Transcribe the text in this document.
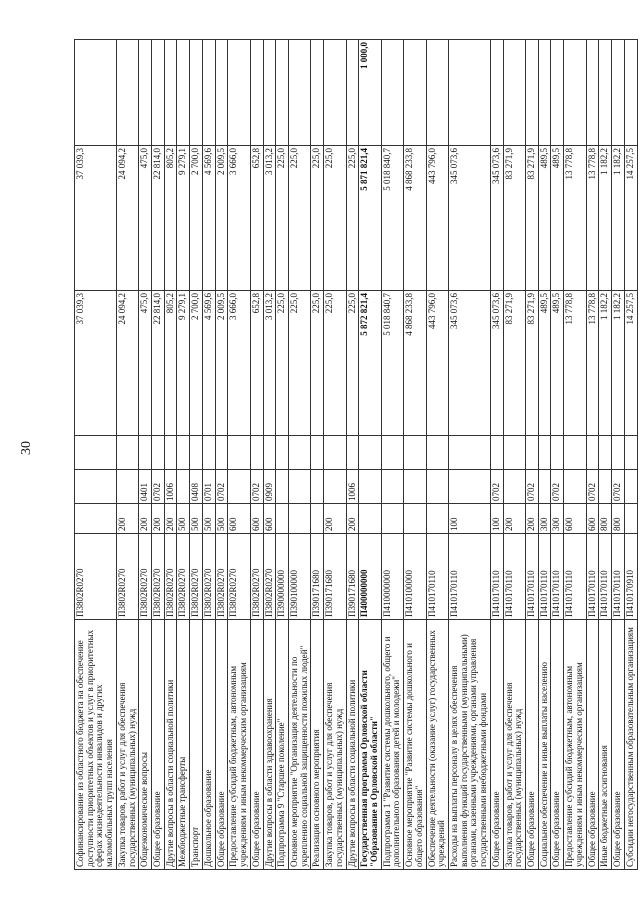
30
Софинансирование из областного бюджета на обеспечение доступности приоритетных объектов и услуг в приоритетных сферах жизнедеятельности инвалидов и других маломобильных групп населения	П3802R0270				37 039,3	37 039,3	
Закупка товаров, работ и услуг для обеспечения государственных (муниципальных) нужд	П3802R0270	200			24 094,2	24 094,2	
Общеэкономические вопросы	П3802R0270	200	0401		475,0	475,0	
Общее образование	П3802R0270	200	0702		22 814,0	22 814,0	
Другие вопросы в области социальной политики	П3802R0270	200	1006		805,2	805,2	
Межбюджетные трансферты	П3802R0270	500			9 279,1	9 279,1	
Транспорт	П3802R0270	500	0408		2 700,0	2 700,0	
Дошкольное образование	П3802R0270	500	0701		4 569,6	4 569,6	
Общее образование	П3802R0270	500	0702		2 009,5	2 009,5	
Предоставление субсидий бюджетным, автономным учреждениям и иным некоммерческим организациям	П3802R0270	600			3 666,0	3 666,0	
Общее образование	П3802R0270	600	0702		652,8	652,8	
Другие вопросы в области здравоохранения	П3802R0270	600	0909		3 013,2	3 013,2	
Подпрограмма 9 "Старшее поколение"	П390000000				225,0	225,0	
Основное мероприятие "Организация деятельности по укреплению социальной защищенности пожилых людей"	П390100000				225,0	225,0	
Реализация основного мероприятия	П390171680				225,0	225,0	
Закупка товаров, работ и услуг для обеспечения государственных (муниципальных) нужд	П390171680	200			225,0	225,0	
Другие вопросы в области социальной политики	П390171680	200	1006		225,0	225,0	
Государственная программа Орловской области "Образование в Орловской области"	П400000000				5 872 821,4	5 871 821,4	1 000,0
Подпрограмма 1 "Развитие системы дошкольного, общего и дополнительного образования детей и молодежи"	П410000000				5 018 840,7	5 018 840,7	
Основное мероприятие "Развитие системы дошкольного и общего образования"	П410100000				4 868 233,8	4 868 233,8	
Обеспечение деятельности (оказание услуг) государственных учреждений	П410170110				443 796,0	443 796,0	
Расходы на выплаты персоналу в целях обеспечения выполнения функций государственными (муниципальными) органами, казенными учреждениями, органами управления государственными внебюджетными фондами	П410170110	100			345 073,6	345 073,6	
Общее образование	П410170110	100	0702		345 073,6	345 073,6	
Закупка товаров, работ и услуг для обеспечения государственных (муниципальных) нужд	П410170110	200			83 271,9	83 271,9	
Общее образование	П410170110	200	0702		83 271,9	83 271,9	
Социальное обеспечение и иные выплаты населению	П410170110	300			489,5	489,5	
Общее образование	П410170110	300	0702		489,5	489,5	
Предоставление субсидий бюджетным, автономным учреждениям и иным некоммерческим организациям	П410170110	600			13 778,8	13 778,8	
Общее образование	П410170110	600	0702		13 778,8	13 778,8	
Иные бюджетные ассигнования	П410170110	800			1 182,2	1 182,2	
Общее образование	П410170110	800	0702		1 182,2	1 182,2	
Субсидии негосударственным образовательным организациям	П410170910				14 257,5	14 257,5	
